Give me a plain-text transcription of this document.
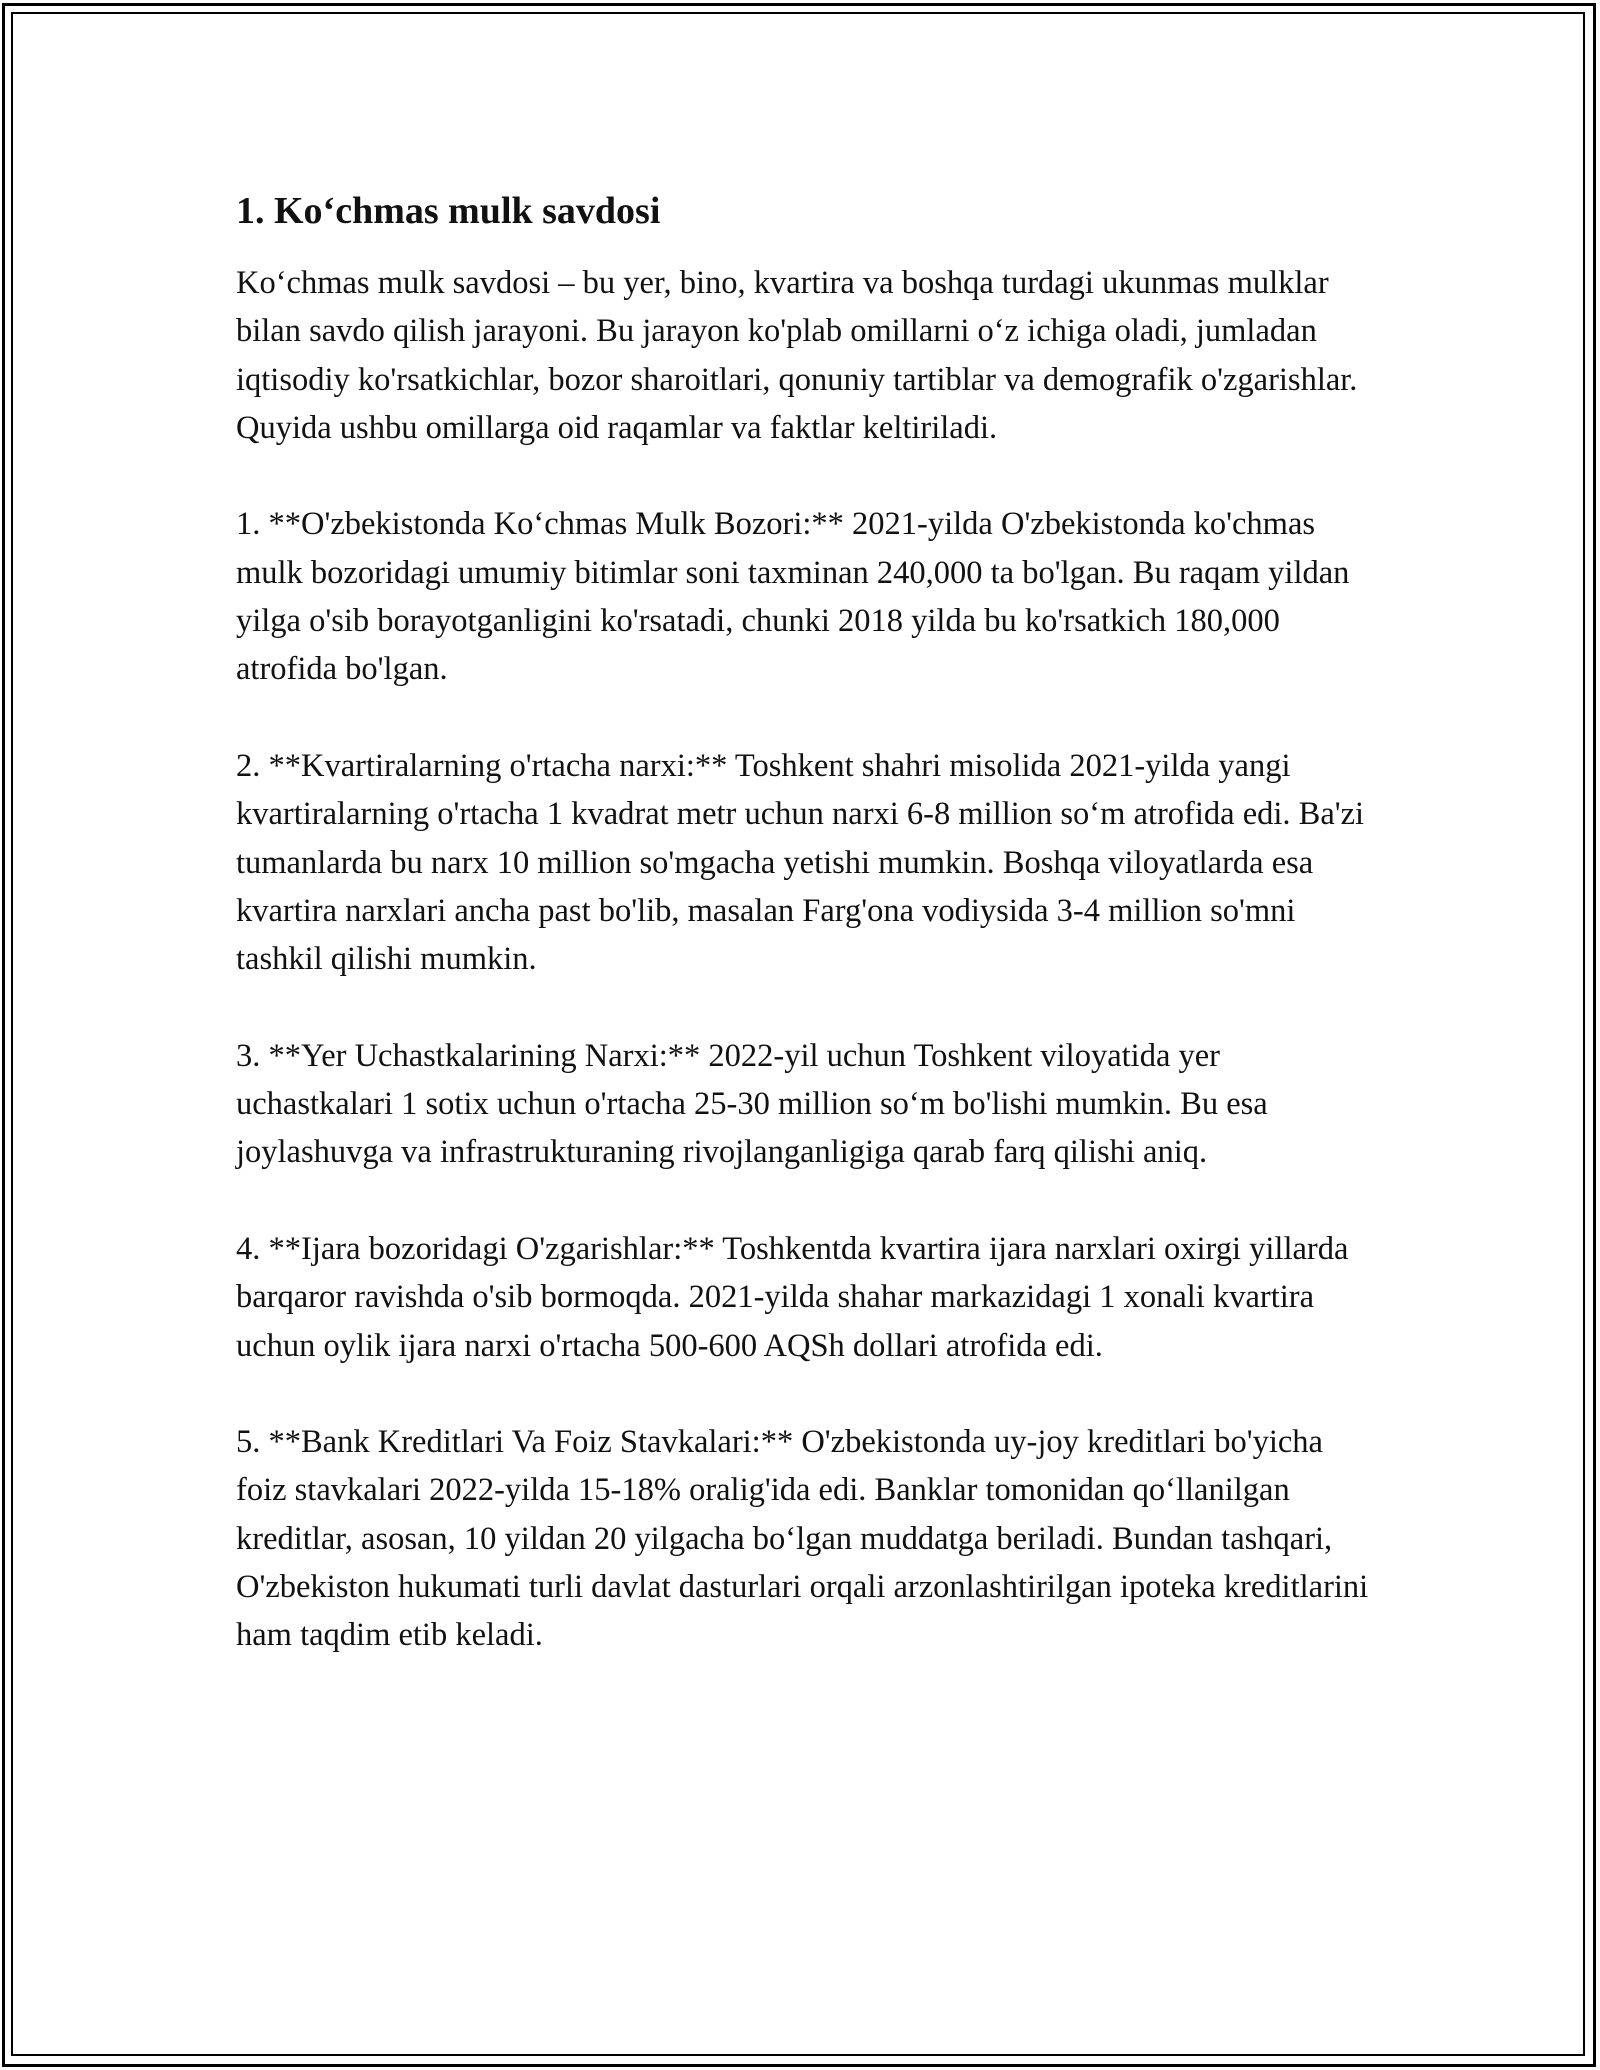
1. Ko‘chmas mulk savdosi

Ko‘chmas mulk savdosi – bu yer, bino, kvartira va boshqa turdagi ukunmas mulklar bilan savdo qilish jarayoni. Bu jarayon ko'plab omillarni o‘z ichiga oladi, jumladan iqtisodiy ko'rsatkichlar, bozor sharoitlari, qonuniy tartiblar va demografik o'zgarishlar. Quyida ushbu omillarga oid raqamlar va faktlar keltiriladi.

1. **O'zbekistonda Ko‘chmas Mulk Bozori:** 2021-yilda O'zbekistonda ko'chmas mulk bozoridagi umumiy bitimlar soni taxminan 240,000 ta bo'lgan. Bu raqam yildan yilga o'sib borayotganligini ko'rsatadi, chunki 2018 yilda bu ko'rsatkich 180,000 atrofida bo'lgan.

2. **Kvartiralarning o'rtacha narxi:** Toshkent shahri misolida 2021-yilda yangi kvartiralarning o'rtacha 1 kvadrat metr uchun narxi 6-8 million so‘m atrofida edi. Ba'zi tumanlarda bu narx 10 million so'mgacha yetishi mumkin. Boshqa viloyatlarda esa kvartira narxlari ancha past bo'lib, masalan Farg'ona vodiysida 3-4 million so'mni tashkil qilishi mumkin.

3. **Yer Uchastkalarining Narxi:** 2022-yil uchun Toshkent viloyatida yer uchastkalari 1 sotix uchun o'rtacha 25-30 million so‘m bo'lishi mumkin. Bu esa joylashuvga va infrastrukturaning rivojlanganligiga qarab farq qilishi aniq.

4. **Ijara bozoridagi O'zgarishlar:** Toshkentda kvartira ijara narxlari oxirgi yillarda barqaror ravishda o'sib bormoqda. 2021-yilda shahar markazidagi 1 xonali kvartira uchun oylik ijara narxi o'rtacha 500-600 AQSh dollari atrofida edi.

5. **Bank Kreditlari Va Foiz Stavkalari:** O'zbekistonda uy-joy kreditlari bo'yicha foiz stavkalari 2022-yilda 15-18% oralig'ida edi. Banklar tomonidan qo‘llanilgan kreditlar, asosan, 10 yildan 20 yilgacha bo‘lgan muddatga beriladi. Bundan tashqari, O'zbekiston hukumati turli davlat dasturlari orqali arzonlashtirilgan ipoteka kreditlarini ham taqdim etib keladi.
